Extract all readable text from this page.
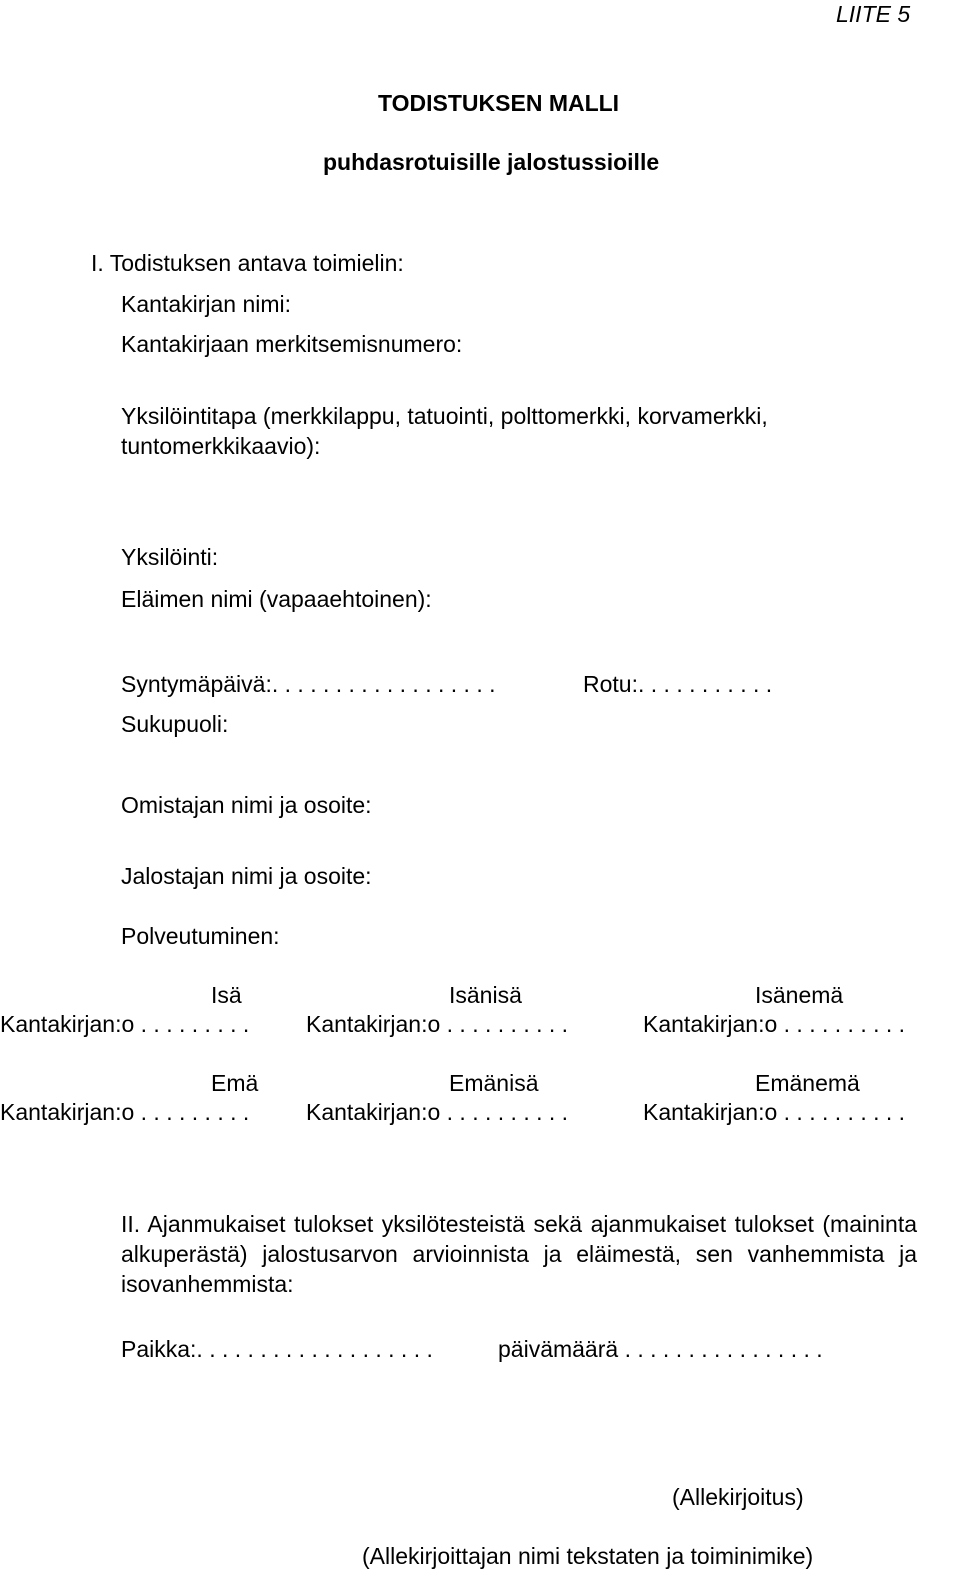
LIITE 5

TODISTUKSEN MALLI

puhdasrotuisille jalostussioille

I. Todistuksen antava toimielin:

Kantakirjan nimi:

Kantakirjaan merkitsemisnumero:

Yksilöintitapa (merkkilappu, tatuointi, polttomerkki, korvamerkki,

tuntomerkkikaavio):

Yksilöinti:

Eläimen nimi (vapaaehtoinen):

Syntymäpäivä:. . . . . . . . . . . . . . . . . .	Rotu:. . . . . . . . . . .

Sukupuoli:

Omistajan nimi ja osoite:

Jalostajan nimi ja osoite:

Polveutuminen:

Isä	Isänisä	Isänemä

Kantakirjan:o . . . . . . . . . Kantakirjan:o . . . . . . . . . .	Kantakirjan:o . . . . . . . . . .

Emä	Emänisä	Emänemä

Kantakirjan:o . . . . . . . . . Kantakirjan:o . . . . . . . . . .	Kantakirjan:o . . . . . . . . . .

II. Ajanmukaiset tulokset yksilötesteistä sekä ajanmukaiset tulokset (maininta alkuperästä) jalostusarvon arvioinnista ja eläimestä, sen vanhemmista ja isovanhemmista:

Paikka:. . . . . . . . . . . . . . . . . . .	päivämäärä . . . . . . . . . . . . . . . .

(Allekirjoitus)

(Allekirjoittajan nimi tekstaten ja toiminimike)
